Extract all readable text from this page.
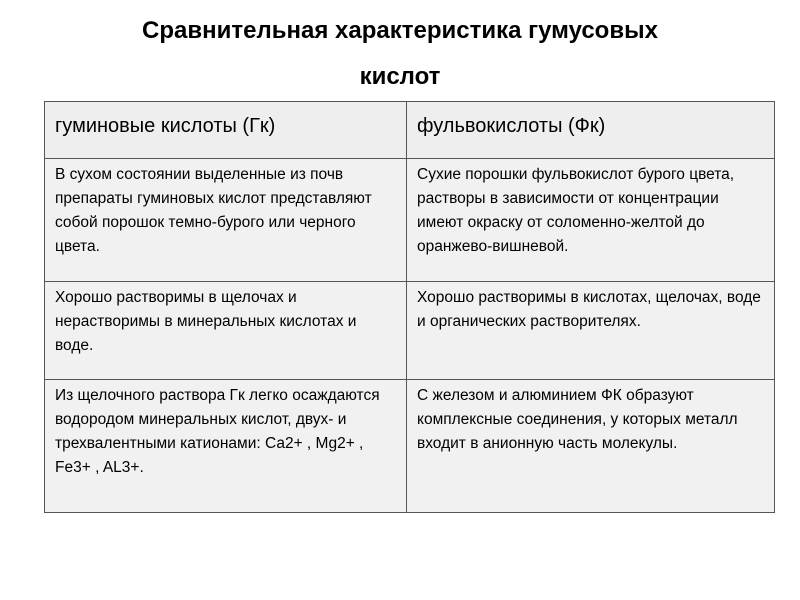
Сравнительная характеристика гумусовых
кислот
гуминовые кислоты (Гк)	фульвокислоты (Фк)
В сухом состоянии выделенные из почв препараты гуминовых кислот представляют собой порошок темно-бурого или черного цвета.	Сухие порошки фульвокислот бурого цвета, растворы в зависимости от концентрации имеют окраску от соломенно-желтой до оранжево-вишневой.
Хорошо растворимы в щелочах и нерастворимы в минеральных кислотах и воде.	Хорошо растворимы в кислотах, щелочах, воде и органических растворителях.
Из щелочного раствора Гк легко осаждаются водородом минеральных кислот, двух- и трехвалентными катионами: Са2+ , Mg2+ , Fe3+ , AL3+.	С железом и алюминием ФК образуют комплексные соединения, у которых металл входит в анионную часть молекулы.
